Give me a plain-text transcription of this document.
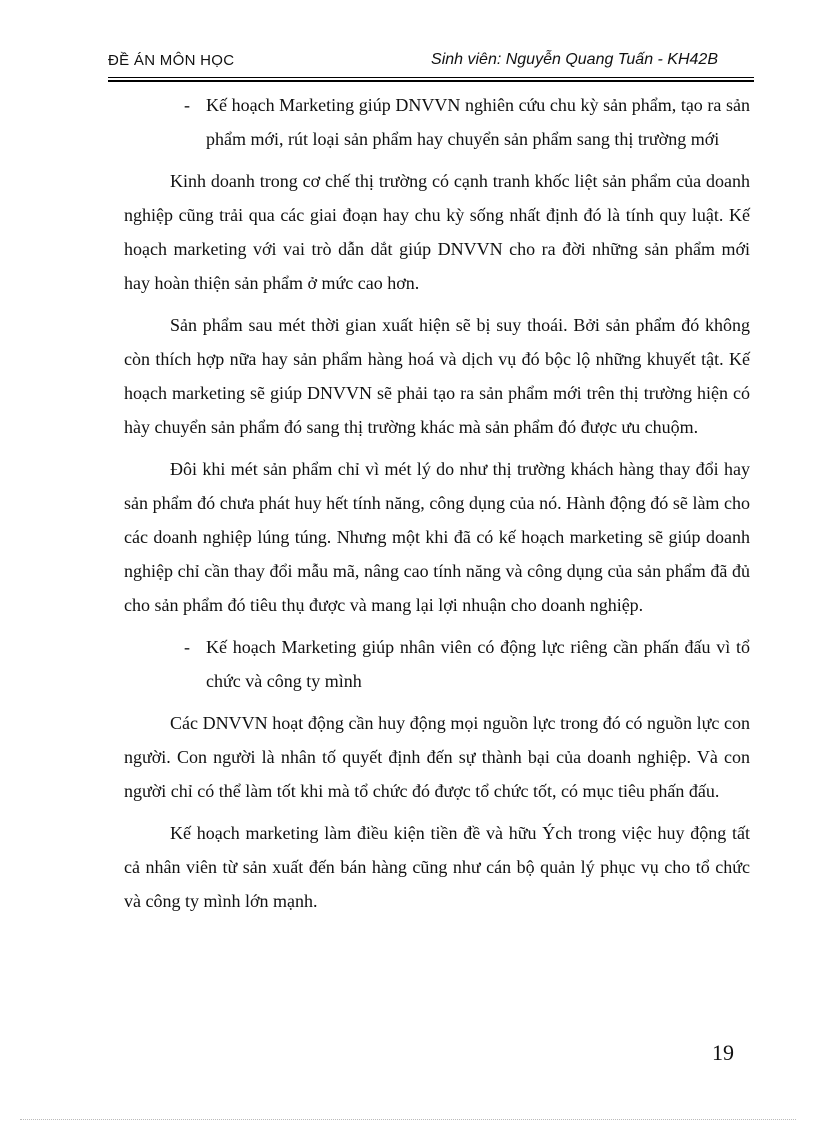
ĐỀ ÁN MÔN HỌC	Sinh viên: Nguyễn Quang Tuấn - KH42B
- Kế hoạch Marketing giúp DNVVN nghiên cứu chu kỳ sản phẩm, tạo ra sản phẩm mới, rút loại sản phẩm hay chuyển sản phẩm sang thị trường mới

Kinh doanh trong cơ chế thị trường có cạnh tranh khốc liệt sản phẩm của doanh nghiệp cũng trải qua các giai đoạn hay chu kỳ sống nhất định đó là tính quy luật. Kế hoạch marketing với vai trò dẫn dắt giúp DNVVN cho ra đời những sản phẩm mới hay hoàn thiện sản phẩm ở mức cao hơn.

Sản phẩm sau mét thời gian xuất hiện sẽ bị suy thoái. Bởi sản phẩm đó không còn thích hợp nữa hay sản phẩm hàng hoá và dịch vụ đó bộc lộ những khuyết tật. Kế hoạch marketing sẽ giúp DNVVN sẽ phải tạo ra sản phẩm mới trên thị trường hiện có hày chuyển sản phẩm đó sang thị trường khác mà sản phẩm đó được ưu chuộm.

Đôi khi mét sản phẩm chỉ vì mét lý do như thị trường khách hàng thay đổi hay sản phẩm đó chưa phát huy hết tính năng, công dụng của nó. Hành động đó sẽ làm cho các doanh nghiệp lúng túng. Nhưng một khi đã có kế hoạch marketing sẽ giúp doanh nghiệp chỉ cần thay đổi mẫu mã, nâng cao tính năng và công dụng của sản phẩm đã đủ cho sản phẩm đó tiêu thụ được và mang lại lợi nhuận cho doanh nghiệp.

- Kế hoạch Marketing giúp nhân viên có động lực riêng cần phấn đấu vì tổ chức và công ty mình

Các DNVVN hoạt động cần huy động mọi nguồn lực trong đó có nguồn lực con người. Con người là nhân tố quyết định đến sự thành bại của doanh nghiệp. Và con người chỉ có thể làm tốt khi mà tổ chức đó được tổ chức tốt, có mục tiêu phấn đấu.

Kế hoạch marketing làm điều kiện tiền đề và hữu Ých trong việc huy động tất cả nhân viên từ sản xuất đến bán hàng cũng như cán bộ quản lý phục vụ cho tổ chức và công ty mình lớn mạnh.

19
